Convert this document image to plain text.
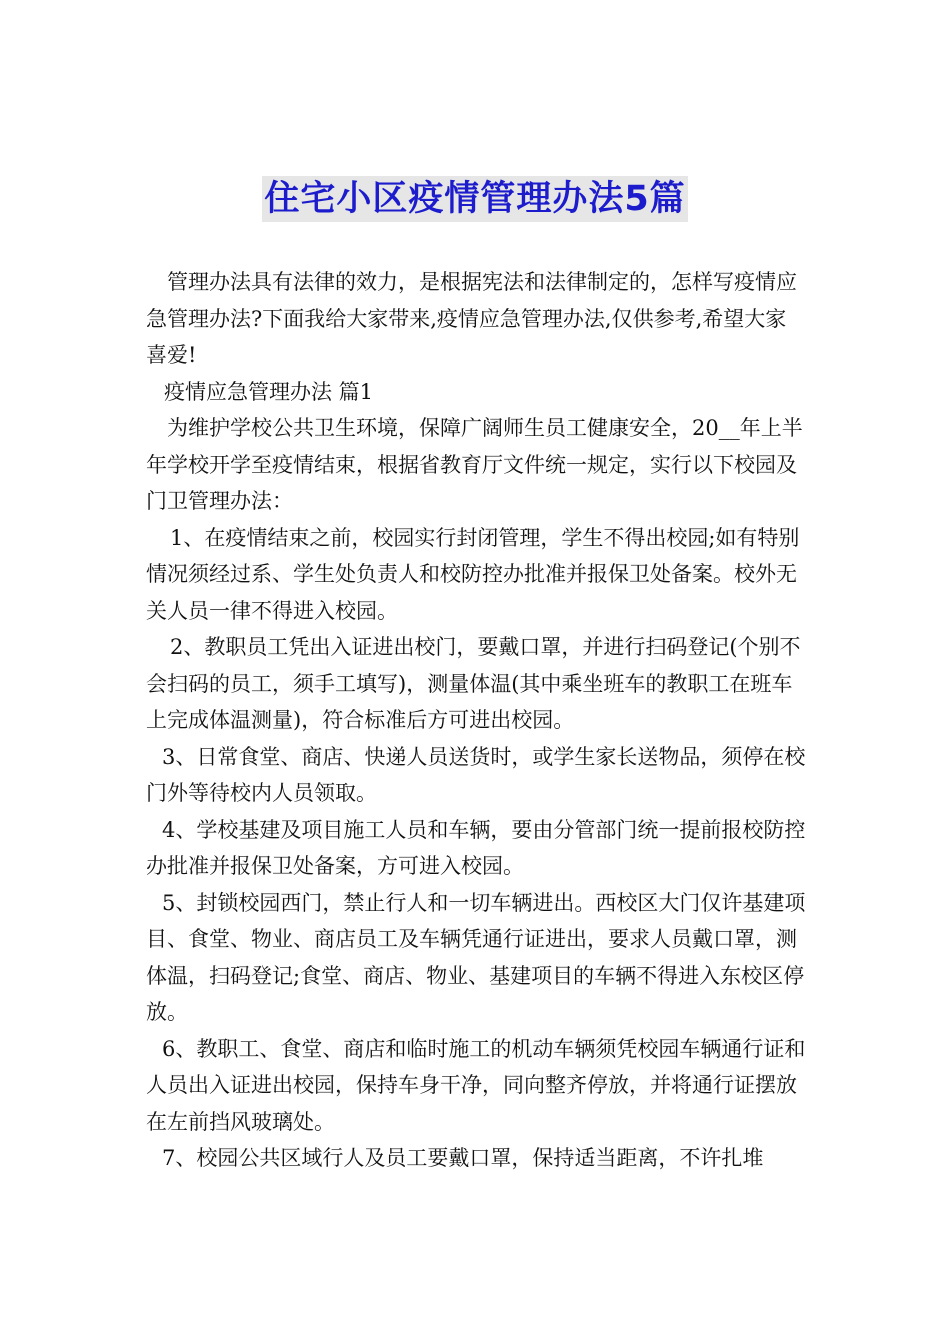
住宅小区疫情管理办法5篇

管理办法具有法律的效力，是根据宪法和法律制定的，怎样写疫情应急管理办法?下面我给大家带来,疫情应急管理办法,仅供参考,希望大家喜爱!

疫情应急管理办法 篇1

为维护学校公共卫生环境，保障广阔师生员工健康安全，20__年上半年学校开学至疫情结束，根据省教育厅文件统一规定，实行以下校园及门卫管理办法：

1、在疫情结束之前，校园实行封闭管理，学生不得出校园;如有特别情况须经过系、学生处负责人和校防控办批准并报保卫处备案。校外无关人员一律不得进入校园。

2、教职员工凭出入证进出校门，要戴口罩，并进行扫码登记(个别不会扫码的员工，须手工填写)，测量体温(其中乘坐班车的教职工在班车上完成体温测量)，符合标准后方可进出校园。

3、日常食堂、商店、快递人员送货时，或学生家长送物品，须停在校门外等待校内人员领取。

4、学校基建及项目施工人员和车辆，要由分管部门统一提前报校防控办批准并报保卫处备案，方可进入校园。

5、封锁校园西门，禁止行人和一切车辆进出。西校区大门仅许基建项目、食堂、物业、商店员工及车辆凭通行证进出，要求人员戴口罩，测体温，扫码登记;食堂、商店、物业、基建项目的车辆不得进入东校区停放。

6、教职工、食堂、商店和临时施工的机动车辆须凭校园车辆通行证和人员出入证进出校园，保持车身干净，同向整齐停放，并将通行证摆放在左前挡风玻璃处。

7、校园公共区域行人及员工要戴口罩，保持适当距离，不许扎堆
